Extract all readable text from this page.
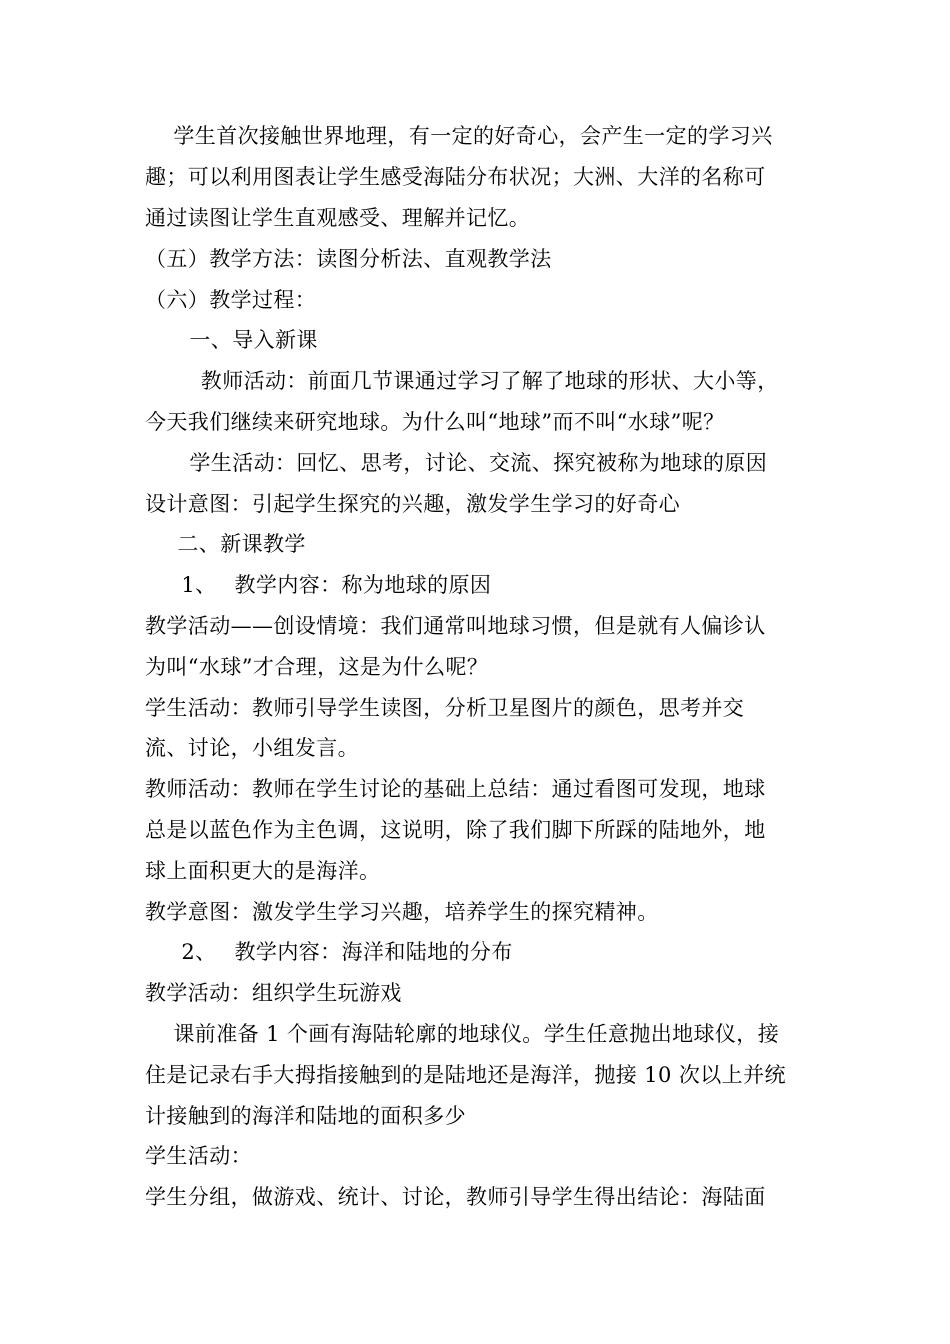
　学生首次接触世界地理，有一定的好奇心，会产生一定的学习兴
趣；可以利用图表让学生感受海陆分布状况；大洲、大洋的名称可
通过读图让学生直观感受、理解并记忆。
（五）教学方法：读图分析法、直观教学法
（六）教学过程：
　一、导入新课
　　教师活动：前面几节课通过学习了解了地球的形状、大小等，
今天我们继续来研究地球。为什么叫“地球”而不叫“水球”呢？
　学生活动：回忆、思考，讨论、交流、探究被称为地球的原因
设计意图：引起学生探究的兴趣，激发学生学习的好奇心
　二、新课教学
　1、　 教学内容：称为地球的原因
教学活动——创设情境：我们通常叫地球习惯，但是就有人偏诊认
为叫“水球”才合理，这是为什么呢？
学生活动：教师引导学生读图，分析卫星图片的颜色，思考并交
流、讨论，小组发言。
教师活动：教师在学生讨论的基础上总结：通过看图可发现，地球
总是以蓝色作为主色调，这说明，除了我们脚下所踩的陆地外，地
球上面积更大的是海洋。
教学意图：激发学生学习兴趣，培养学生的探究精神。
　2、　 教学内容：海洋和陆地的分布
教学活动：组织学生玩游戏
　课前准备 1 个画有海陆轮廓的地球仪。学生任意抛出地球仪，接
住是记录右手大拇指接触到的是陆地还是海洋，抛接 10 次以上并统
计接触到的海洋和陆地的面积多少
学生活动：
学生分组，做游戏、统计、讨论，教师引导学生得出结论：海陆面
